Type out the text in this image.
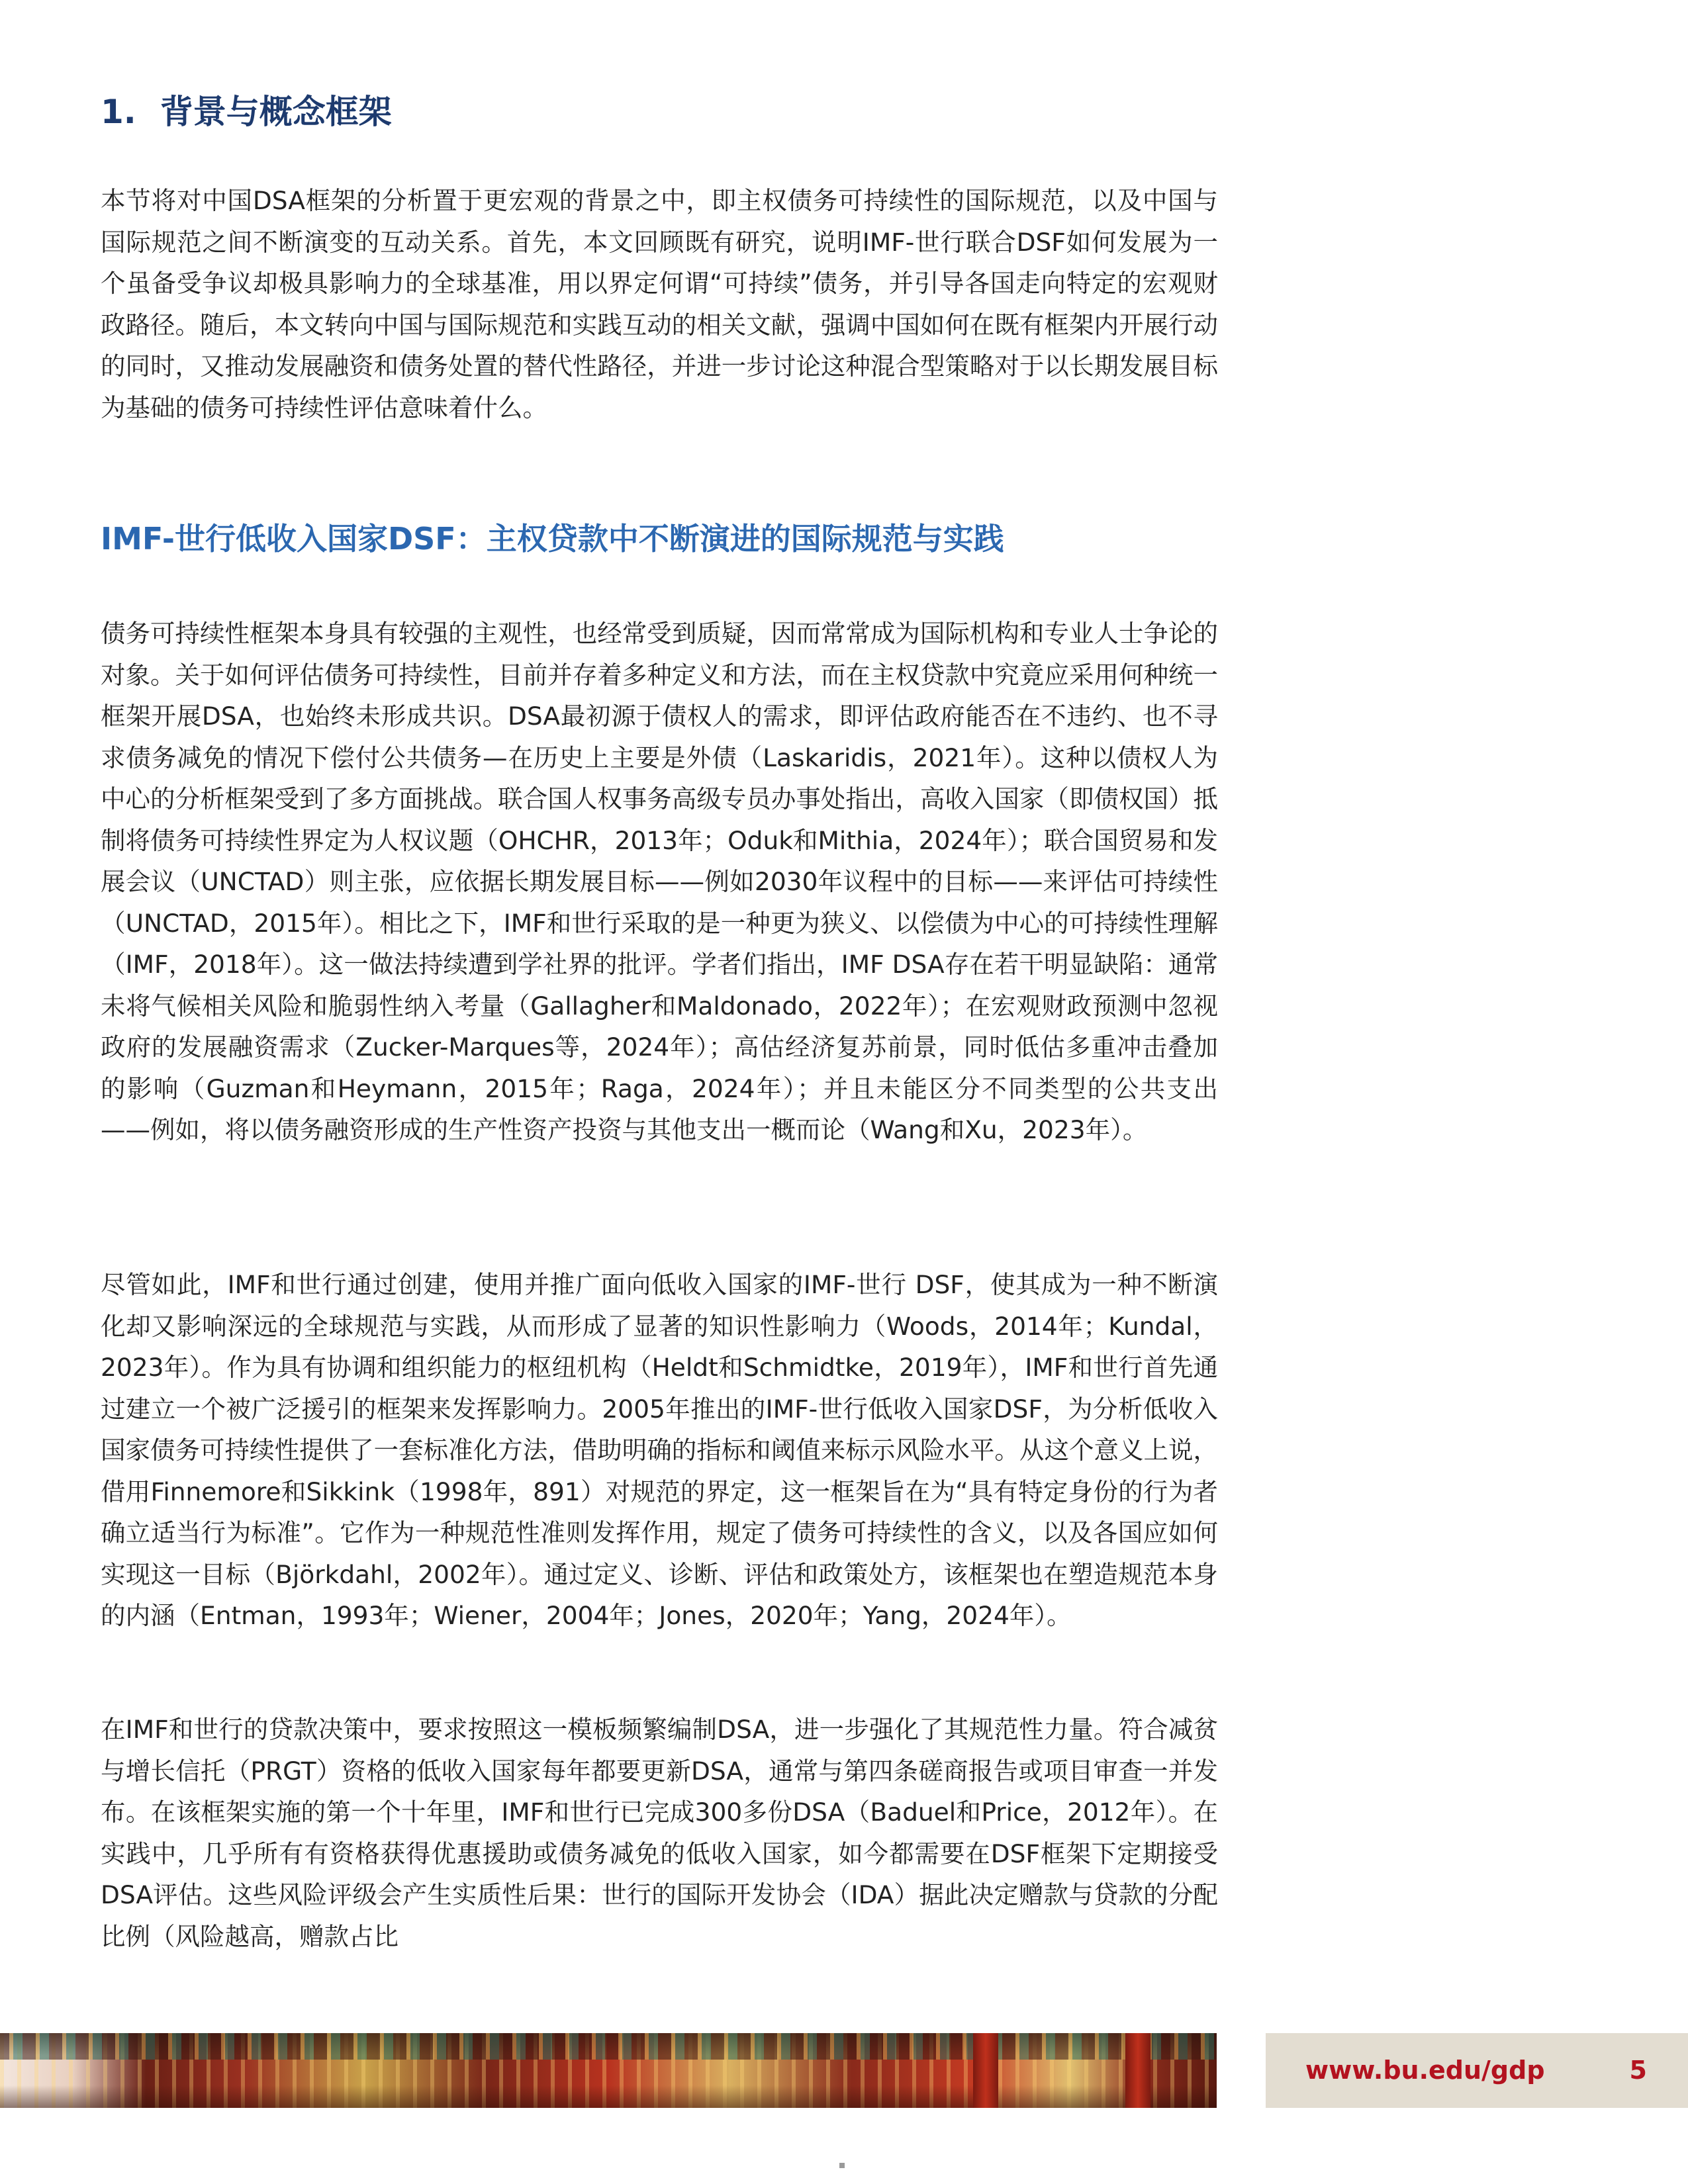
1. 背景与概念框架

本节将对中国DSA框架的分析置于更宏观的背景之中，即主权债务可持续性的国际规范，以及中国与国际规范之间不断演变的互动关系。首先，本文回顾既有研究，说明IMF-世行联合DSF如何发展为一个虽备受争议却极具影响力的全球基准，用以界定何谓“可持续”债务，并引导各国走向特定的宏观财政路径。随后，本文转向中国与国际规范和实践互动的相关文献，强调中国如何在既有框架内开展行动的同时，又推动发展融资和债务处置的替代性路径，并进一步讨论这种混合型策略对于以长期发展目标为基础的债务可持续性评估意味着什么。

IMF-世行低收入国家DSF：主权贷款中不断演进的国际规范与实践

债务可持续性框架本身具有较强的主观性，也经常受到质疑，因而常常成为国际机构和专业人士争论的对象。关于如何评估债务可持续性，目前并存着多种定义和方法，而在主权贷款中究竟应采用何种统一框架开展DSA，也始终未形成共识。DSA最初源于债权人的需求，即评估政府能否在不违约、也不寻求债务减免的情况下偿付公共债务—在历史上主要是外债（Laskaridis，2021年）。这种以债权人为中心的分析框架受到了多方面挑战。联合国人权事务高级专员办事处指出，高收入国家（即债权国）抵制将债务可持续性界定为人权议题（OHCHR，2013年；Oduk和Mithia，2024年）；联合国贸易和发展会议（UNCTAD）则主张，应依据长期发展目标——例如2030年议程中的目标——来评估可持续性（UNCTAD，2015年）。相比之下，IMF和世行采取的是一种更为狭义、以偿债为中心的可持续性理解（IMF，2018年）。这一做法持续遭到学社界的批评。学者们指出，IMF DSA存在若干明显缺陷：通常未将气候相关风险和脆弱性纳入考量（Gallagher和Maldonado，2022年）；在宏观财政预测中忽视政府的发展融资需求（Zucker-Marques等，2024年）；高估经济复苏前景，同时低估多重冲击叠加的影响（Guzman和Heymann，2015年；Raga，2024年）；并且未能区分不同类型的公共支出——例如，将以债务融资形成的生产性资产投资与其他支出一概而论（Wang和Xu，2023年）。

尽管如此，IMF和世行通过创建，使用并推广面向低收入国家的IMF-世行 DSF，使其成为一种不断演化却又影响深远的全球规范与实践，从而形成了显著的知识性影响力（Woods，2014年；Kundal，2023年）。作为具有协调和组织能力的枢纽机构（Heldt和Schmidtke，2019年），IMF和世行首先通过建立一个被广泛援引的框架来发挥影响力。2005年推出的IMF-世行低收入国家DSF，为分析低收入国家债务可持续性提供了一套标准化方法，借助明确的指标和阈值来标示风险水平。从这个意义上说，借用Finnemore和Sikkink（1998年，891）对规范的界定，这一框架旨在为“具有特定身份的行为者确立适当行为标准”。它作为一种规范性准则发挥作用，规定了债务可持续性的含义，以及各国应如何实现这一目标（Björkdahl，2002年）。通过定义、诊断、评估和政策处方，该框架也在塑造规范本身的内涵（Entman，1993年；Wiener，2004年；Jones，2020年；Yang，2024年）。

在IMF和世行的贷款决策中，要求按照这一模板频繁编制DSA，进一步强化了其规范性力量。符合减贫与增长信托（PRGT）资格的低收入国家每年都要更新DSA，通常与第四条磋商报告或项目审查一并发布。在该框架实施的第一个十年里，IMF和世行已完成300多份DSA（Baduel和Price，2012年）。在实践中，几乎所有有资格获得优惠援助或债务减免的低收入国家，如今都需要在DSF框架下定期接受DSA评估。这些风险评级会产生实质性后果：世行的国际开发协会（IDA）据此决定赠款与贷款的分配比例（风险越高，赠款占比

www.bu.edu/gdp	5
